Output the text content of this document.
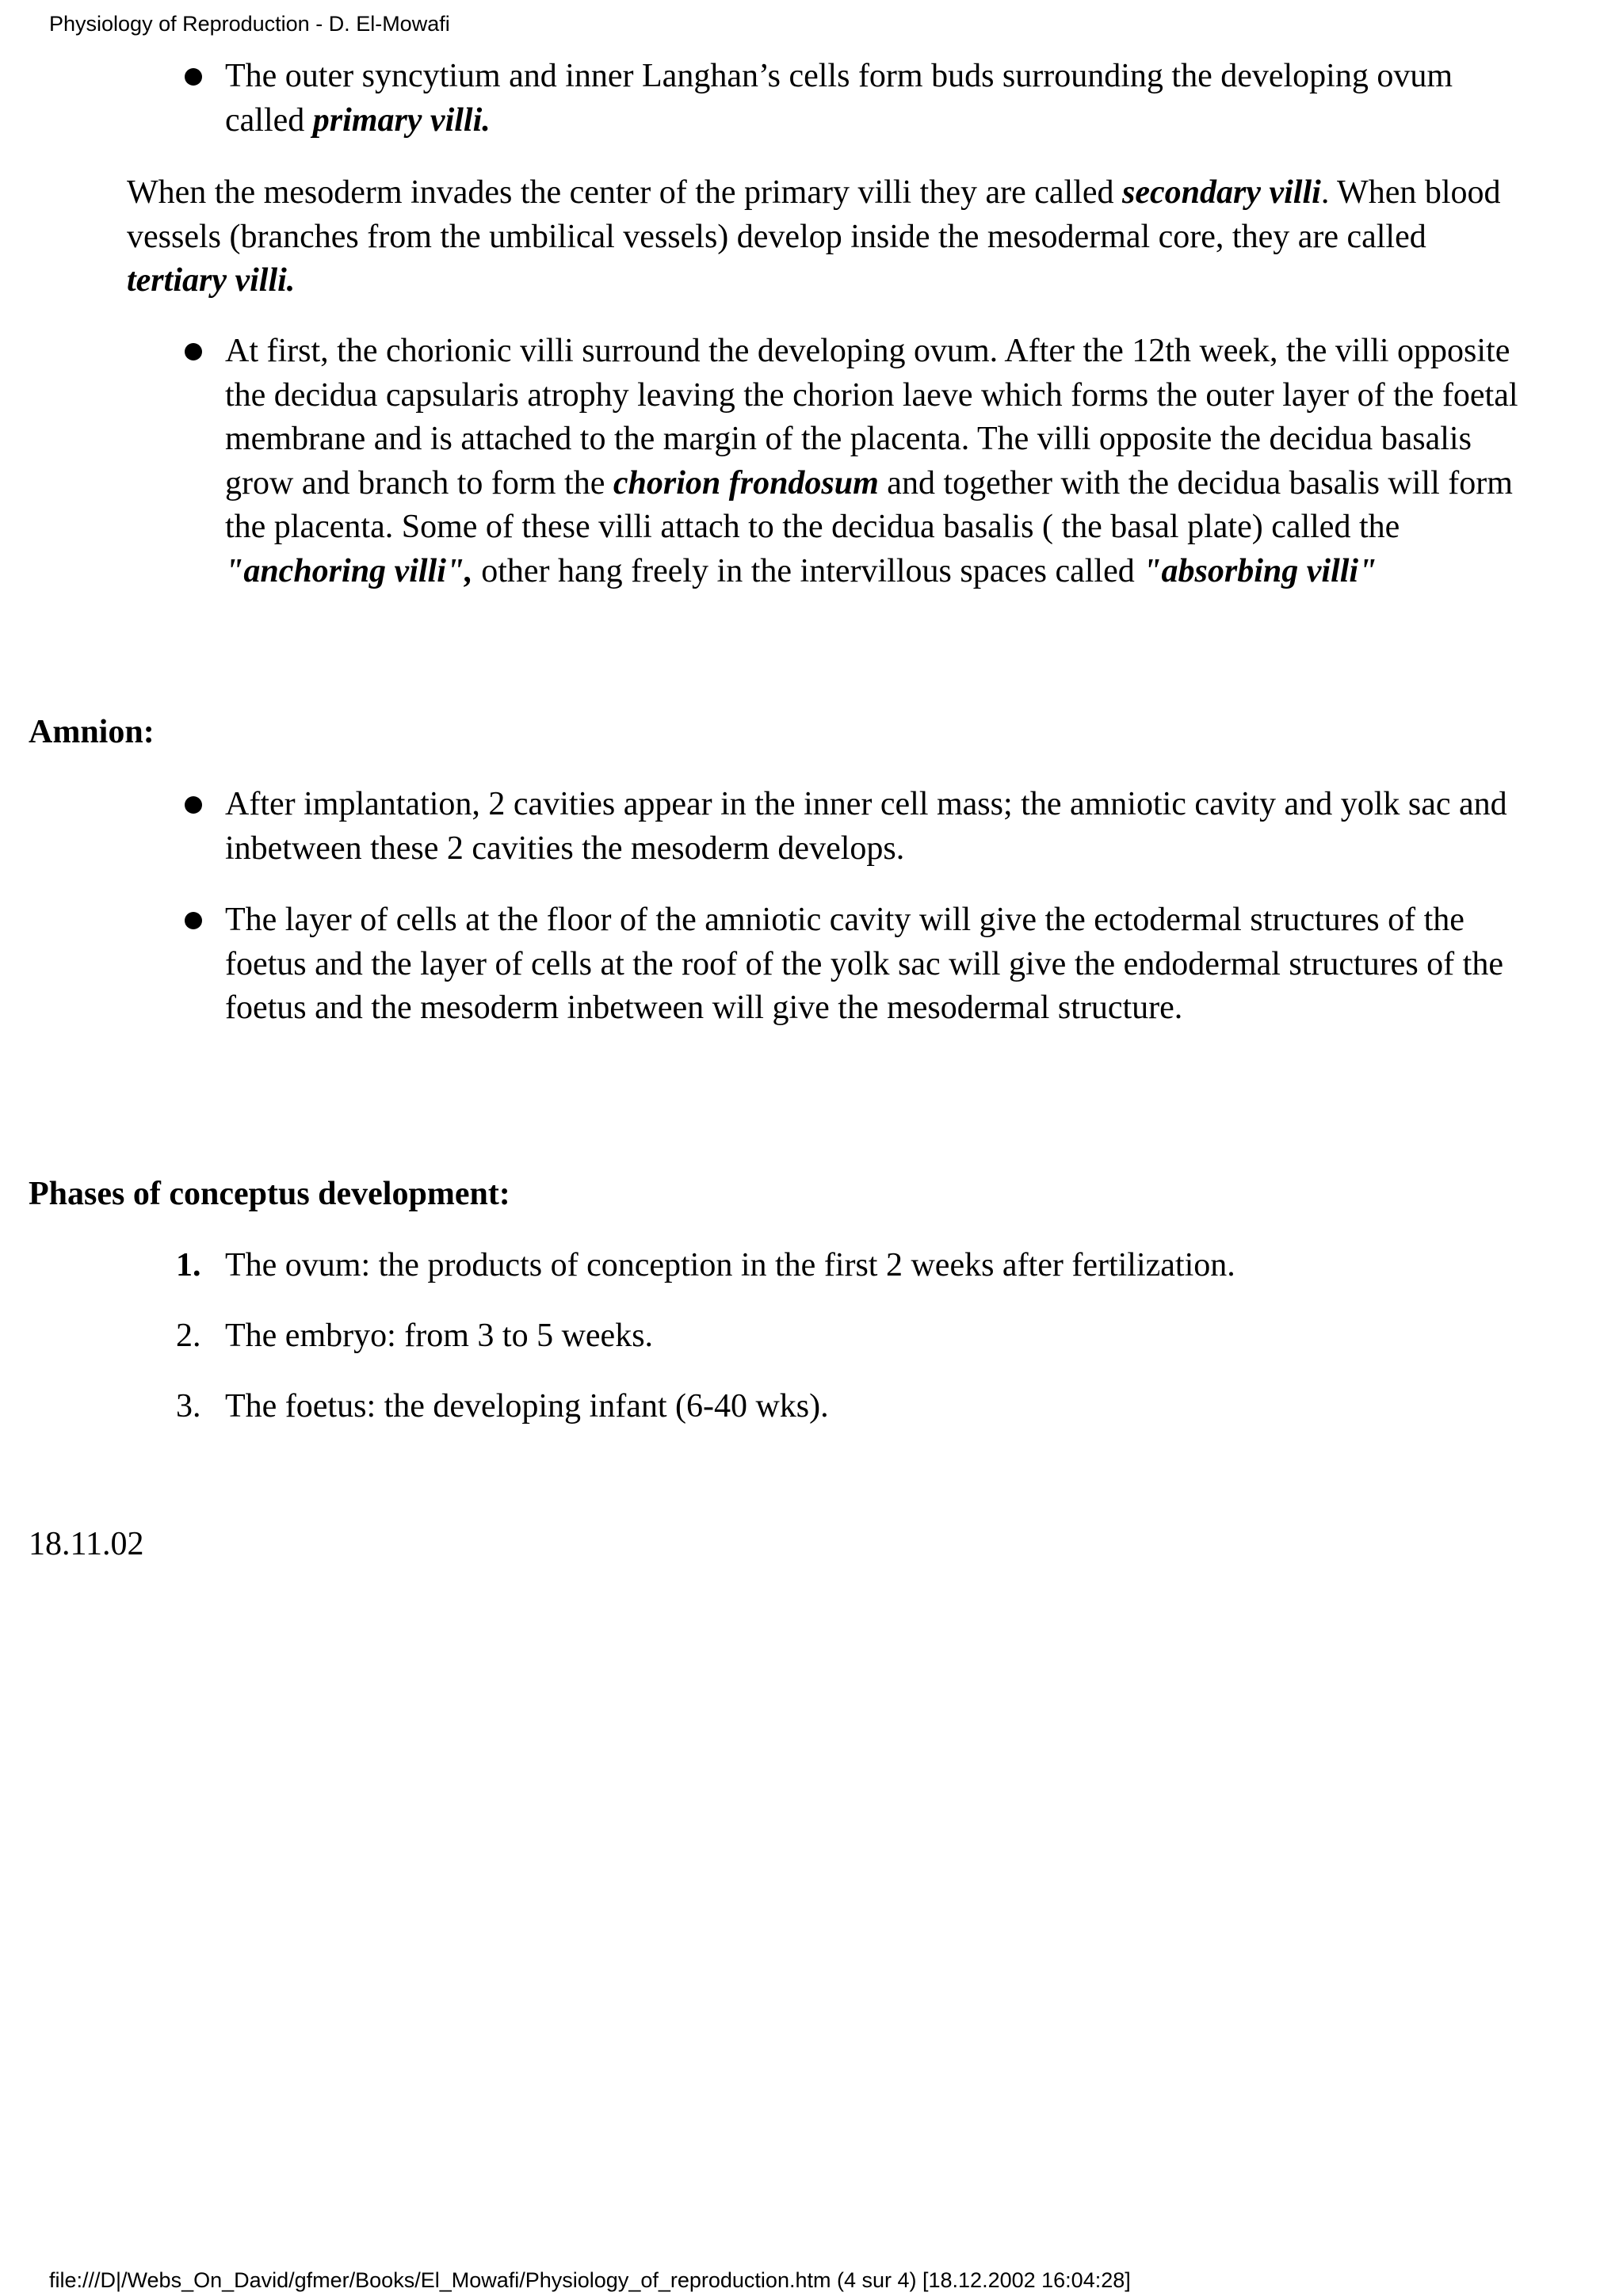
Physiology of Reproduction - D. El-Mowafi
The outer syncytium and inner Langhan’s cells form buds surrounding the developing ovum called primary villi.
When the mesoderm invades the center of the primary villi they are called secondary villi. When blood vessels (branches from the umbilical vessels) develop inside the mesodermal core, they are called tertiary villi.
At first, the chorionic villi surround the developing ovum. After the 12th week, the villi opposite the decidua capsularis atrophy leaving the chorion laeve which forms the outer layer of the foetal membrane and is attached to the margin of the placenta. The villi opposite the decidua basalis grow and branch to form the chorion frondosum and together with the decidua basalis will form the placenta. Some of these villi attach to the decidua basalis ( the basal plate) called the "anchoring villi", other hang freely in the intervillous spaces called "absorbing villi"
Amnion:
After implantation, 2 cavities appear in the inner cell mass; the amniotic cavity and yolk sac and inbetween these 2 cavities the mesoderm develops.
The layer of cells at the floor of the amniotic cavity will give the ectodermal structures of the foetus and the layer of cells at the roof of the yolk sac will give the endodermal structures of the foetus and the mesoderm inbetween will give the mesodermal structure.
Phases of conceptus development:
1. The ovum: the products of conception in the first 2 weeks after fertilization.
2. The embryo: from 3 to 5 weeks.
3. The foetus: the developing infant (6-40 wks).
18.11.02
file:///D|/Webs_On_David/gfmer/Books/El_Mowafi/Physiology_of_reproduction.htm (4 sur 4) [18.12.2002 16:04:28]
